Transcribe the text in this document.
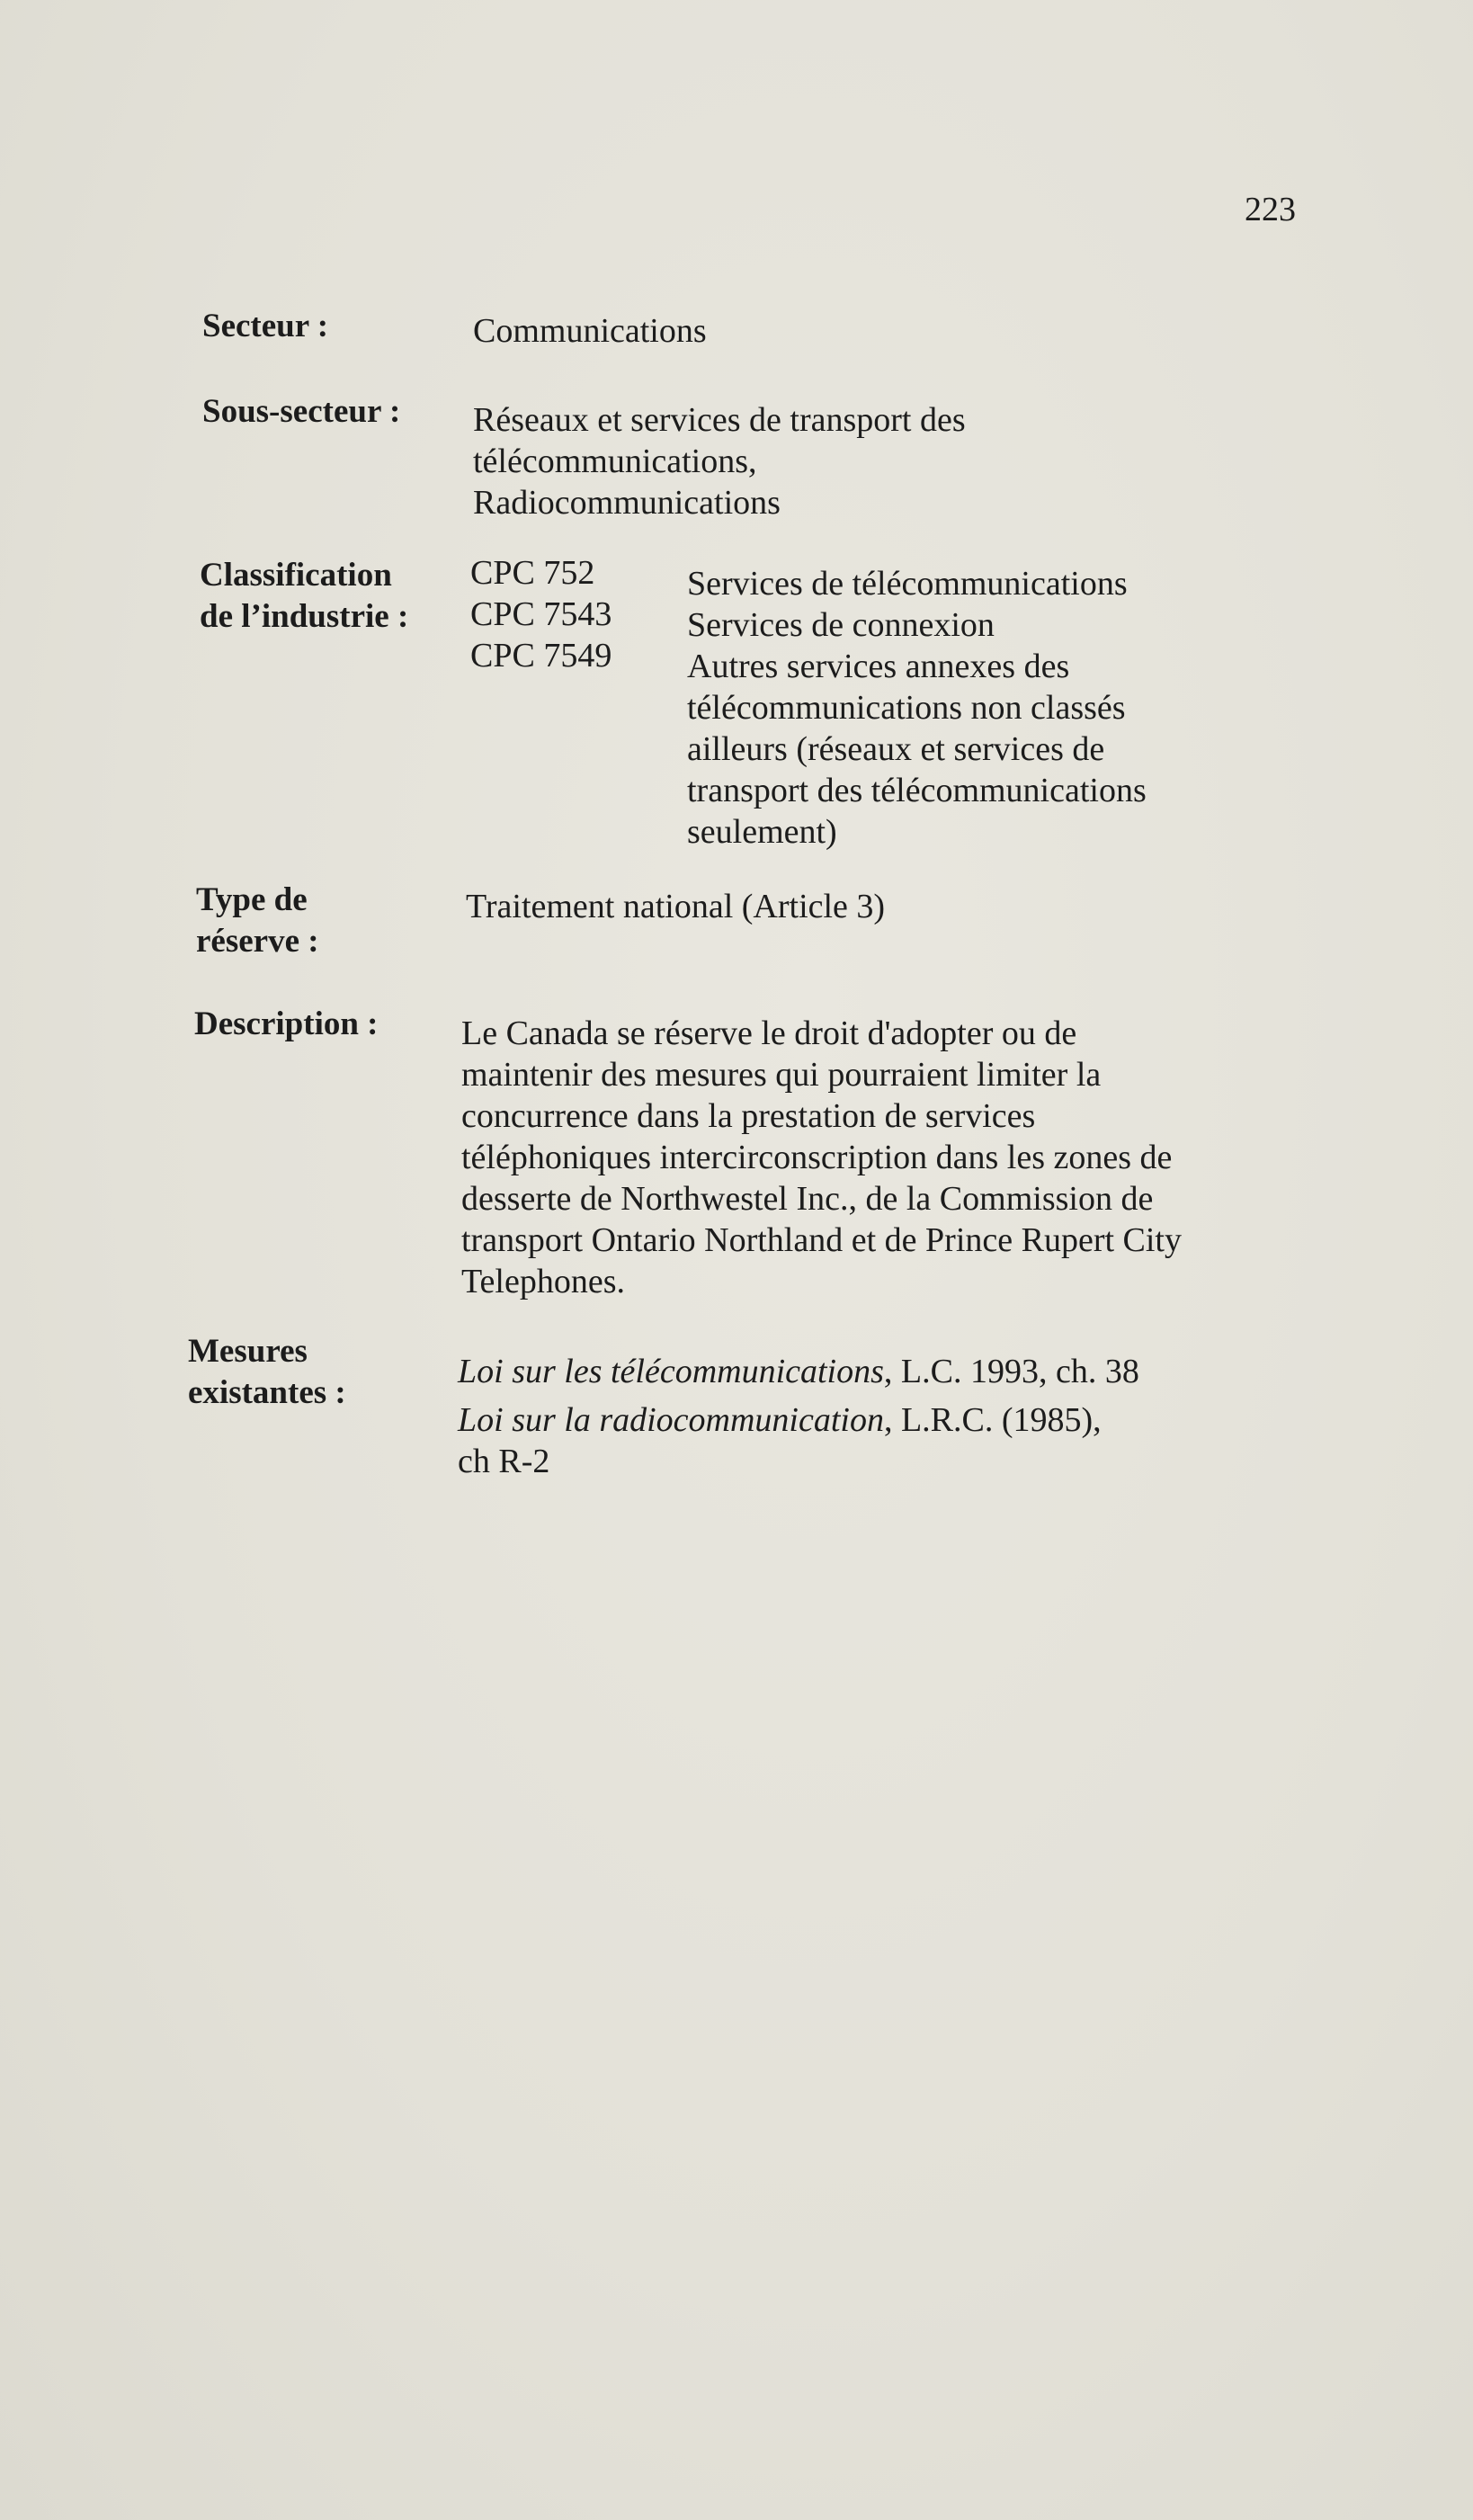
223
Secteur :	Communications
Sous-secteur : Réseaux et services de transport des
télécommunications,
Radiocommunications
Classification
de l’industrie :
CPC 752
CPC 7543
CPC 7549
Services de télécommunications
Services de connexion
Autres services annexes des
télécommunications non classés
ailleurs (réseaux et services de
transport des télécommunications
seulement)
Type de
réserve :
Traitement national (Article 3)
Description : Le Canada se réserve le droit d'adopter ou de
maintenir des mesures qui pourraient limiter la
concurrence dans la prestation de services
téléphoniques intercirconscription dans les zones de
desserte de Northwestel Inc., de la Commission de
transport Ontario Northland et de Prince Rupert City
Telephones.
Mesures
existantes :
Loi sur les télécommunications, L.C. 1993, ch. 38
Loi sur la radiocommunication, L.R.C. (1985),
ch R-2
